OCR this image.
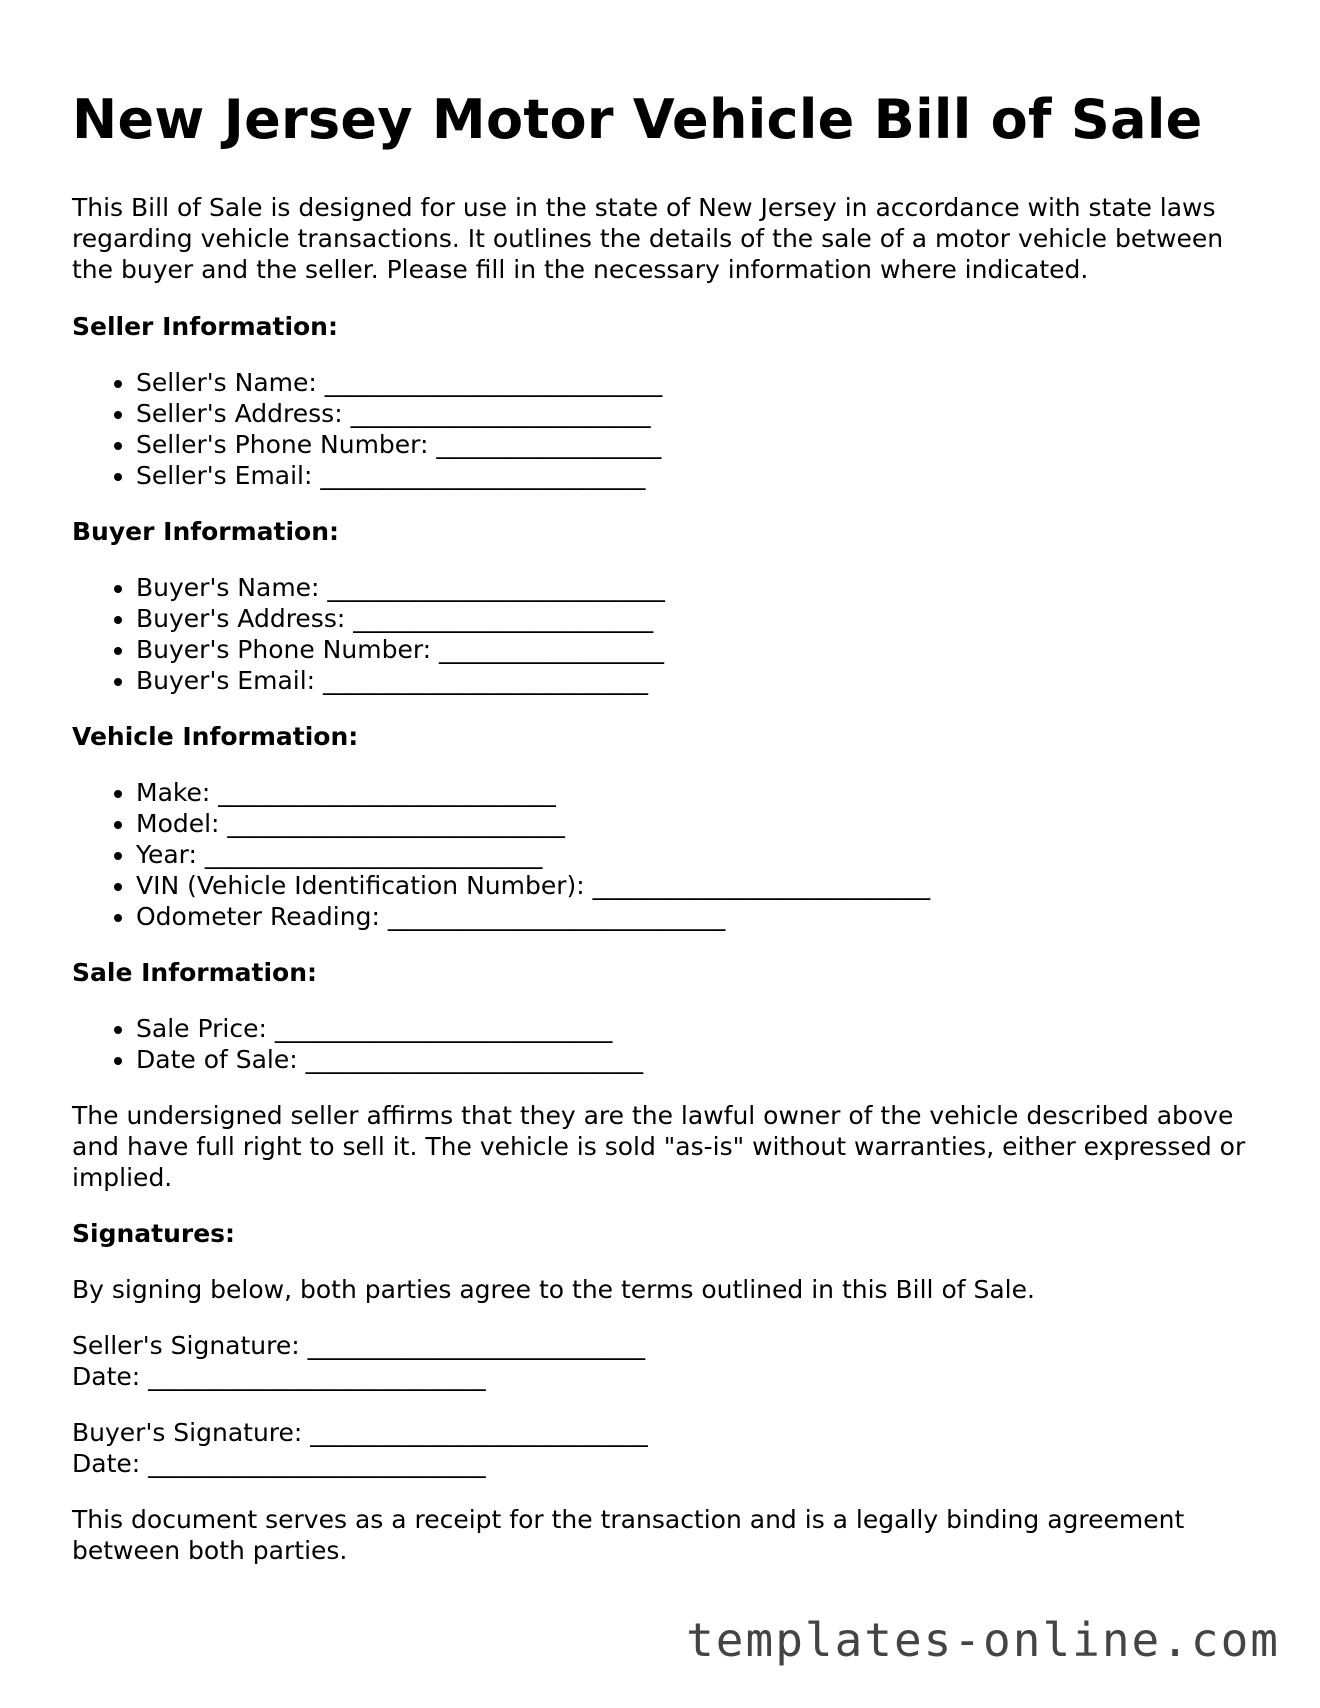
New Jersey Motor Vehicle Bill of Sale

This Bill of Sale is designed for use in the state of New Jersey in accordance with state laws regarding vehicle transactions. It outlines the details of the sale of a motor vehicle between the buyer and the seller. Please fill in the necessary information where indicated.

Seller Information:
• Seller's Name: ___________________________
• Seller's Address: ________________________
• Seller's Phone Number: __________________
• Seller's Email: __________________________
Buyer Information:
• Buyer's Name: ___________________________
• Buyer's Address: ________________________
• Buyer's Phone Number: __________________
• Buyer's Email: __________________________
Vehicle Information:
• Make: ___________________________
• Model: ___________________________
• Year: ___________________________
• VIN (Vehicle Identification Number): ___________________________
• Odometer Reading: ___________________________
Sale Information:
• Sale Price: ___________________________
• Date of Sale: ___________________________

The undersigned seller affirms that they are the lawful owner of the vehicle described above and have full right to sell it. The vehicle is sold "as-is" without warranties, either expressed or implied.

Signatures:

By signing below, both parties agree to the terms outlined in this Bill of Sale.

Seller's Signature: ___________________________
Date: ___________________________

Buyer's Signature: ___________________________
Date: ___________________________

This document serves as a receipt for the transaction and is a legally binding agreement between both parties.

templates-online.com
